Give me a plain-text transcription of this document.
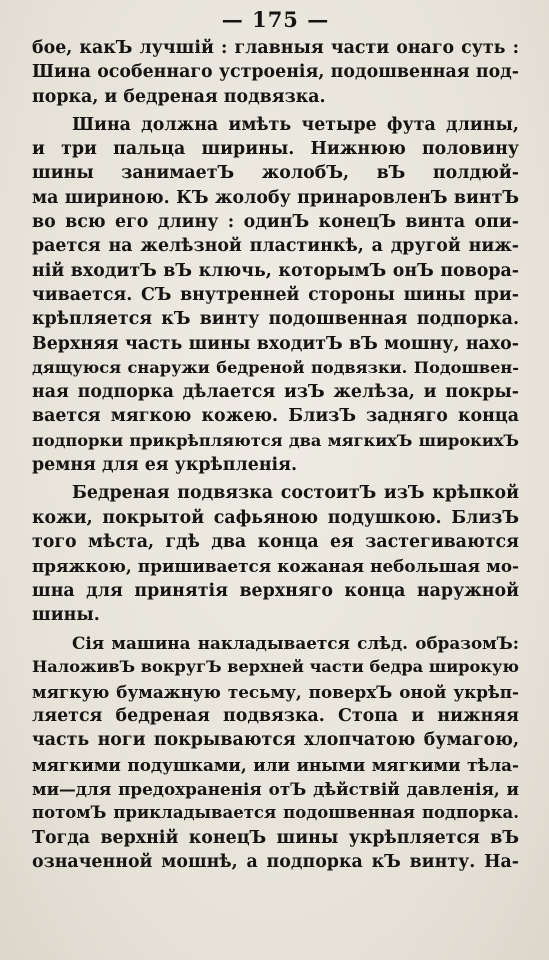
— 175 —
бое, какЪ лучшій : главныя части онаго суть :
Шина особеннаго устроенія, подошвенная под-
порка, и бедреная подвязка.
Шина должна имѣть четыре фута длины,
и три пальца ширины. Нижнюю половину
шины занимаетЪ жолобЪ, вЪ полдюй-
ма шириною. КЪ жолобу принаровленЪ винтЪ
во всю его длину : одинЪ конецЪ винта опи-
рается на желѣзной пластинкѣ, а другой ниж-
ній входитЪ вЪ ключь, которымЪ онЪ повора-
чивается. СЪ внутренней стороны шины при-
крѣпляется кЪ винту подошвенная подпорка.
Верхняя часть шины входитЪ вЪ мошну, нахо-
дящуюся снаружи бедреной подвязки. Подошвен-
ная подпорка дѣлается изЪ желѣза, и покры-
вается мягкою кожею. БлизЪ задняго конца
подпорки прикрѣпляются два мягкихЪ широкихЪ
ремня для ея укрѣпленія.
Бедреная подвязка состоитЪ изЪ крѣпкой
кожи, покрытой сафьяною подушкою. БлизЪ
того мѣста, гдѣ два конца ея застегиваются
пряжкою, пришивается кожаная небольшая мо-
шна для принятія верхняго конца наружной
шины.
Сія машина накладывается слѣд. образомЪ:
НаложивЪ вокругЪ верхней части бедра широкую
мягкую бумажную тесьму, поверхЪ оной укрѣп-
ляется бедреная подвязка. Стопа и нижняя
часть ноги покрываются хлопчатою бумагою,
мягкими подушками, или иными мягкими тѣла-
ми—для предохраненія отЪ дѣйствій давленія, и
потомЪ прикладывается подошвенная подпорка.
Тогда верхній конецЪ шины укрѣпляется вЪ
означенной мошнѣ, а подпорка кЪ винту. На-
